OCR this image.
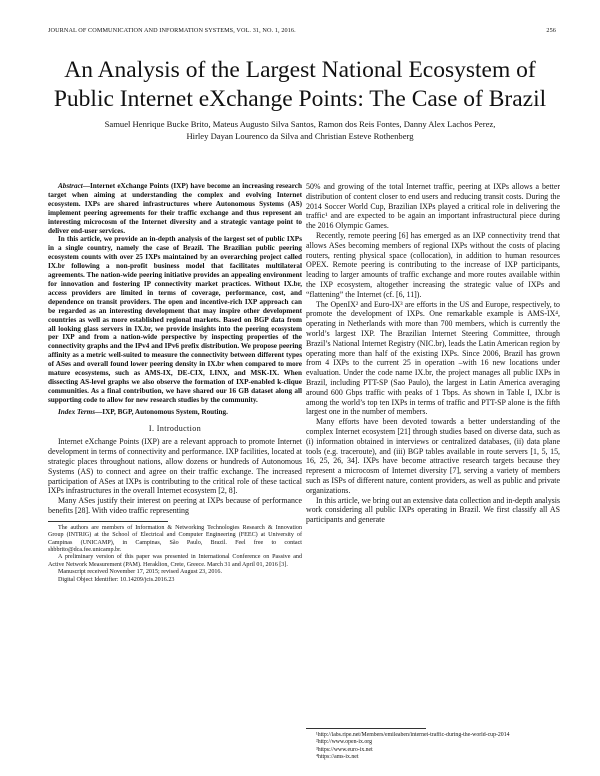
JOURNAL OF COMMUNICATION AND INFORMATION SYSTEMS, VOL. 31, NO. 1, 2016.	256
An Analysis of the Largest National Ecosystem of
Public Internet eXchange Points: The Case of Brazil
Samuel Henrique Bucke Brito, Mateus Augusto Silva Santos, Ramon dos Reis Fontes, Danny Alex Lachos Perez,
Hirley Dayan Lourenco da Silva and Christian Esteve Rothenberg

Abstract—Internet eXchange Points (IXP) have become an increasing research target when aiming at understanding the complex and evolving Internet ecosystem. IXPs are shared infrastructures where Autonomous Systems (AS) implement peering agreements for their traffic exchange and thus represent an interesting microcosm of the Internet diversity and a strategic vantage point to deliver end-user services.

In this article, we provide an in-depth analysis of the largest set of public IXPs in a single country, namely the case of Brazil. The Brazilian public peering ecosystem counts with over 25 IXPs maintained by an overarching project called IX.br following a non-profit business model that facilitates multilateral agreements. The nation-wide peering initiative provides an appealing environment for innovation and fostering IP connectivity market practices. Without IX.br, access providers are limited in terms of coverage, performance, cost, and dependence on transit providers. The open and incentive-rich IXP approach can be regarded as an interesting development that may inspire other development countries as well as more established regional markets. Based on BGP data from all looking glass servers in IX.br, we provide insights into the peering ecosystem per IXP and from a nation-wide perspective by inspecting properties of the connectivity graphs and the IPv4 and IPv6 prefix distribution. We propose peering affinity as a metric well-suited to measure the connectivity between different types of ASes and overall found lower peering density in IX.br when compared to more mature ecosystems, such as AMS-IX, DE-CIX, LINX, and MSK-IX. When dissecting AS-level graphs we also observe the formation of IXP-enabled k-clique communities. As a final contribution, we have shared our 16 GB dataset along all supporting code to allow for new research studies by the community.

Index Terms—IXP, BGP, Autonomous System, Routing.

I. Introduction

Internet eXchange Points (IXP) are a relevant approach to promote Internet development in terms of connectivity and performance. IXP facilities, located at strategic places throughout nations, allow dozens or hundreds of Autonomous Systems (AS) to connect and agree on their traffic exchange. The increased participation of ASes at IXPs is contributing to the critical role of these tactical IXPs infrastructures in the overall Internet ecosystem [2, 8].

Many ASes justify their interest on peering at IXPs because of performance benefits [28]. With video traffic representing

The authors are members of Information & Networking Technologies Research & Innovation Group (INTRIG) at the School of Electrical and Computer Engineering (FEEC) at University of Campinas (UNICAMP), in Campinas, São Paulo, Brazil. Feel free to contact shbbrito@dca.fee.unicamp.br.

A preliminary version of this paper was presented in International Conference on Passive and Active Network Measurement (PAM). Heraklion, Crete, Greece. March 31 and April 01, 2016 [3].

Manuscript received November 17, 2015; revised August 23, 2016.

Digital Object Identifier: 10.14209/jcis.2016.23

50% and growing of the total Internet traffic, peering at IXPs allows a better distribution of content closer to end users and reducing transit costs. During the 2014 Soccer World Cup, Brazilian IXPs played a critical role in delivering the traffic¹ and are expected to be again an important infrastructural piece during the 2016 Olympic Games.

Recently, remote peering [6] has emerged as an IXP connectivity trend that allows ASes becoming members of regional IXPs without the costs of placing routers, renting physical space (collocation), in addition to human resources OPEX. Remote peering is contributing to the increase of IXP participants, leading to larger amounts of traffic exchange and more routes available within the IXP ecosystem, altogether increasing the strategic value of IXPs and “flattening” the Internet (cf. [6, 11]).

The OpenIX² and Euro-IX³ are efforts in the US and Europe, respectively, to promote the development of IXPs. One remarkable example is AMS-IX⁴, operating in Netherlands with more than 700 members, which is currently the world’s largest IXP. The Brazilian Internet Steering Committee, through Brazil’s National Internet Registry (NIC.br), leads the Latin American region by operating more than half of the existing IXPs. Since 2006, Brazil has grown from 4 IXPs to the current 25 in operation –with 16 new locations under evaluation. Under the code name IX.br, the project manages all public IXPs in Brazil, including PTT-SP (Sao Paulo), the largest in Latin America averaging around 600 Gbps traffic with peaks of 1 Tbps. As shown in Table I, IX.br is among the world’s top ten IXPs in terms of traffic and PTT-SP alone is the fifth largest one in the number of members.

Many efforts have been devoted towards a better understanding of the complex Internet ecosystem [21] through studies based on diverse data, such as (i) information obtained in interviews or centralized databases, (ii) data plane tools (e.g. traceroute), and (iii) BGP tables available in route servers [1, 5, 15, 16, 25, 26, 34]. IXPs have become attractive research targets because they represent a microcosm of Internet diversity [7], serving a variety of members such as ISPs of different nature, content providers, as well as public and private organizations.

In this article, we bring out an extensive data collection and in-depth analysis work considering all public IXPs operating in Brazil. We first classify all AS participants and generate

¹http://labs.ripe.net/Members/emileaben/internet-traffic-during-the-world-cup-2014
²http://www.open-ix.org
³https://www.euro-ix.net
⁴https://ams-ix.net
